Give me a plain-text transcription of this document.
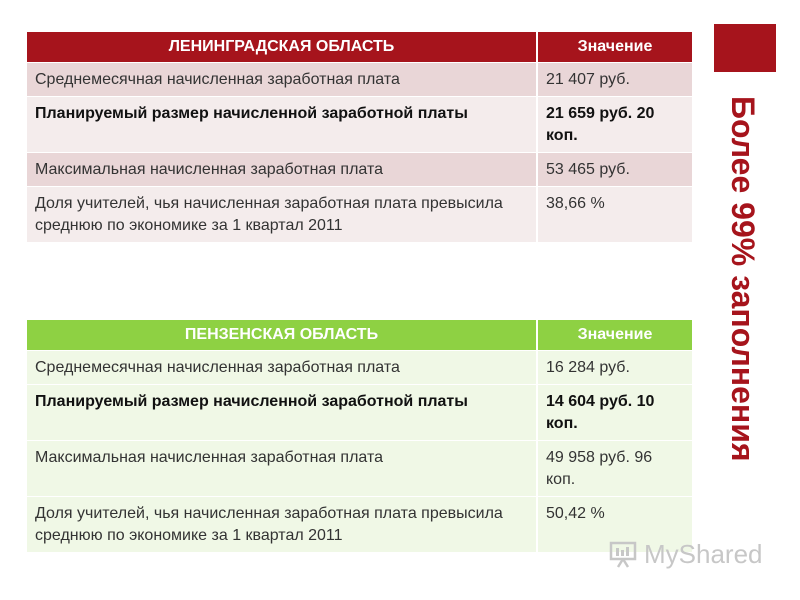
ЛЕНИНГРАДСКАЯ ОБЛАСТЬ	Значение
Среднемесячная начисленная заработная плата	21 407 руб.
Планируемый размер начисленной заработной платы	21 659 руб. 20 коп.
Максимальная начисленная заработная плата	53 465 руб.
Доля учителей, чья начисленная заработная плата превысила среднюю по экономике за 1 квартал 2011	38,66 %
ПЕНЗЕНСКАЯ ОБЛАСТЬ	Значение
Среднемесячная начисленная заработная плата	16 284 руб.
Планируемый размер начисленной заработной платы	14 604 руб. 10 коп.
Максимальная начисленная заработная плата	49 958 руб. 96 коп.
Доля учителей, чья начисленная заработная плата превысила среднюю по экономике за 1 квартал 2011	50,42 %
Более 99% заполнения
MyShared
